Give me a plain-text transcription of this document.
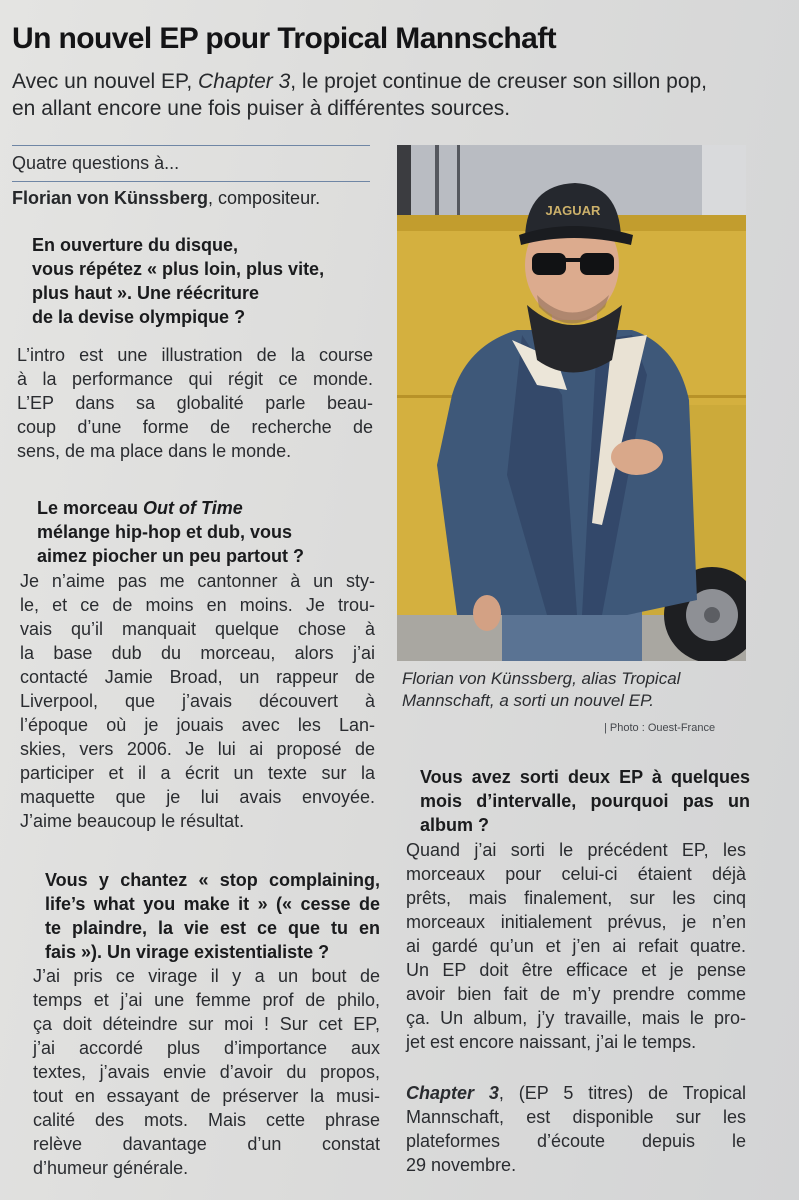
Un nouvel EP pour Tropical Mannschaft
Avec un nouvel EP, Chapter 3, le projet continue de creuser son sillon pop, en allant encore une fois puiser à différentes sources.
Quatre questions à...
Florian von Künssberg, compositeur.
En ouverture du disque,
vous répétez « plus loin, plus vite,
plus haut ». Une réécriture
de la devise olympique ?
L’intro est une illustration de la course
à la performance qui régit ce monde.
L’EP dans sa globalité parle beau-
coup d’une forme de recherche de
sens, de ma place dans le monde.
Le morceau Out of Time
mélange hip-hop et dub, vous
aimez piocher un peu partout ?
Je n’aime pas me cantonner à un sty-
le, et ce de moins en moins. Je trou-
vais qu’il manquait quelque chose à
la base dub du morceau, alors j’ai
contacté Jamie Broad, un rappeur de
Liverpool, que j’avais découvert à
l’époque où je jouais avec les Lan-
skies, vers 2006. Je lui ai proposé de
participer et il a écrit un texte sur la
maquette que je lui avais envoyée.
J’aime beaucoup le résultat.
Vous y chantez « stop complaining,
life’s what you make it » (« cesse de
te plaindre, la vie est ce que tu en
fais »). Un virage existentialiste ?
J’ai pris ce virage il y a un bout de
temps et j’ai une femme prof de philo,
ça doit déteindre sur moi ! Sur cet EP,
j’ai accordé plus d’importance aux
textes, j’avais envie d’avoir du propos,
tout en essayant de préserver la musi-
calité des mots. Mais cette phrase
relève davantage d’un constat
d’humeur générale.
JAGUAR
Florian von Künssberg, alias Tropical
Mannschaft, a sorti un nouvel EP.
| Photo : Ouest-France
Vous avez sorti deux EP à quelques
mois d’intervalle, pourquoi pas un
album ?
Quand j’ai sorti le précédent EP, les
morceaux pour celui-ci étaient déjà
prêts, mais finalement, sur les cinq
morceaux initialement prévus, je n’en
ai gardé qu’un et j’en ai refait quatre.
Un EP doit être efficace et je pense
avoir bien fait de m’y prendre comme
ça. Un album, j’y travaille, mais le pro-
jet est encore naissant, j’ai le temps.
Chapter 3, (EP 5 titres) de Tropical
Mannschaft, est disponible sur les
plateformes d’écoute depuis le
29 novembre.
